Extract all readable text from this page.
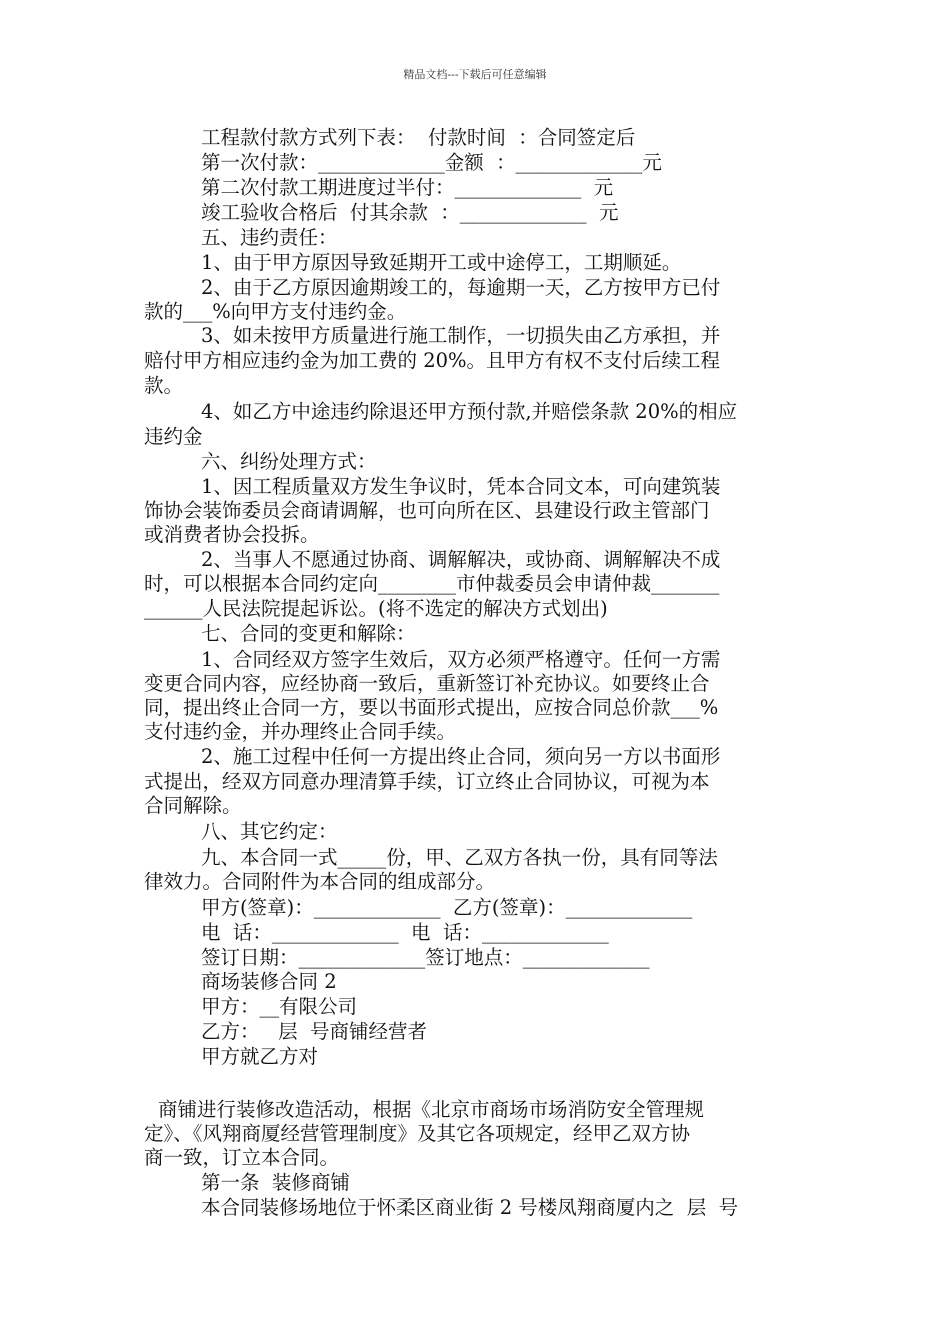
精品文档---下载后可任意编辑
工程款付款方式列下表：  付款时间  ：合同签定后
第一次付款：_____________金额  ：_____________元
第二次付款工期进度过半付：_____________  元
竣工验收合格后  付其余款  ：_____________  元
五、违约责任：
1、由于甲方原因导致延期开工或中途停工，工期顺延。
2、由于乙方原因逾期竣工的，每逾期一天，乙方按甲方已付
款的___%向甲方支付违约金。
3、如未按甲方质量进行施工制作，一切损失由乙方承担，并
赔付甲方相应违约金为加工费的 20%。且甲方有权不支付后续工程
款。
4、如乙方中途违约除退还甲方预付款,并赔偿条款 20%的相应
违约金
六、纠纷处理方式：
1、因工程质量双方发生争议时，凭本合同文本，可向建筑装
饰协会装饰委员会商请调解，也可向所在区、县建设行政主管部门
或消费者协会投拆。
2、当事人不愿通过协商、调解解决，或协商、调解解决不成
时，可以根据本合同约定向________市仲裁委员会申请仲裁_______
______人民法院提起诉讼。(将不选定的解决方式划出)
七、合同的变更和解除：
1、合同经双方签字生效后，双方必须严格遵守。任何一方需
变更合同内容，应经协商一致后，重新签订补充协议。如要终止合
同，提出终止合同一方，要以书面形式提出，应按合同总价款___%
支付违约金，并办理终止合同手续。
2、施工过程中任何一方提出终止合同，须向另一方以书面形
式提出，经双方同意办理清算手续，订立终止合同协议，可视为本
合同解除。
八、其它约定：
九、本合同一式_____份，甲、乙双方各执一份，具有同等法
律效力。合同附件为本合同的组成部分。
甲方(签章)：_____________  乙方(签章)：_____________
电  话：_____________  电  话：_____________
签订日期：_____________签订地点：_____________
商场装修合同 2
甲方：__有限公司
乙方：   层  号商铺经营者
甲方就乙方对
商铺进行装修改造活动，根据《北京市商场市场消防安全管理规
定》、《风翔商厦经营管理制度》及其它各项规定，经甲乙双方协
商一致，订立本合同。
第一条  装修商铺
本合同装修场地位于怀柔区商业街 2 号楼凤翔商厦内之  层  号
